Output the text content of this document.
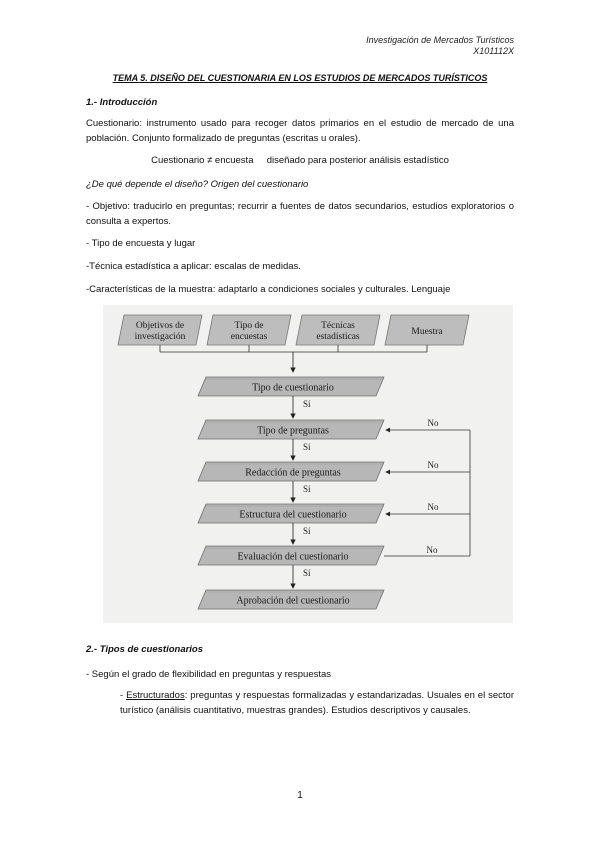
Investigación de Mercados Turísticos
X101112X
TEMA 5. DISEÑO DEL CUESTIONARIA EN LOS ESTUDIOS DE MERCADOS TURÍSTICOS
1.- Introducción
Cuestionario: instrumento usado para recoger datos primarios en el estudio de mercado de una población. Conjunto formalizado de preguntas (escritas u orales).
Cuestionario ≠ encuesta diseñado para posterior análisis estadístico
¿De qué depende el diseño? Origen del cuestionario
- Objetivo: traducirlo en preguntas; recurrir a fuentes de datos secundarios, estudios exploratorios o consulta a expertos.
- Tipo de encuesta y lugar
-Técnica estadística a aplicar: escalas de medidas.
-Características de la muestra: adaptarlo a condiciones sociales y culturales. Lenguaje
Objetivos de
investigación
Tipo de
encuestas
Técnicas
estadísticas	Muestra
Tipo de cuestionario
Sí
Tipo de preguntas
Sí
Redacción de preguntas
Sí
Estructura del cuestionario
Sí
Evaluación del cuestionario
Sí
Aprobación del cuestionario
No
No
No
No
2.- Tipos de cuestionarios
- Según el grado de flexibilidad en preguntas y respuestas
- Estructurados: preguntas y respuestas formalizadas y estandarizadas. Usuales en el sector turístico (análisis cuantitativo, muestras grandes). Estudios descriptivos y causales.
1
